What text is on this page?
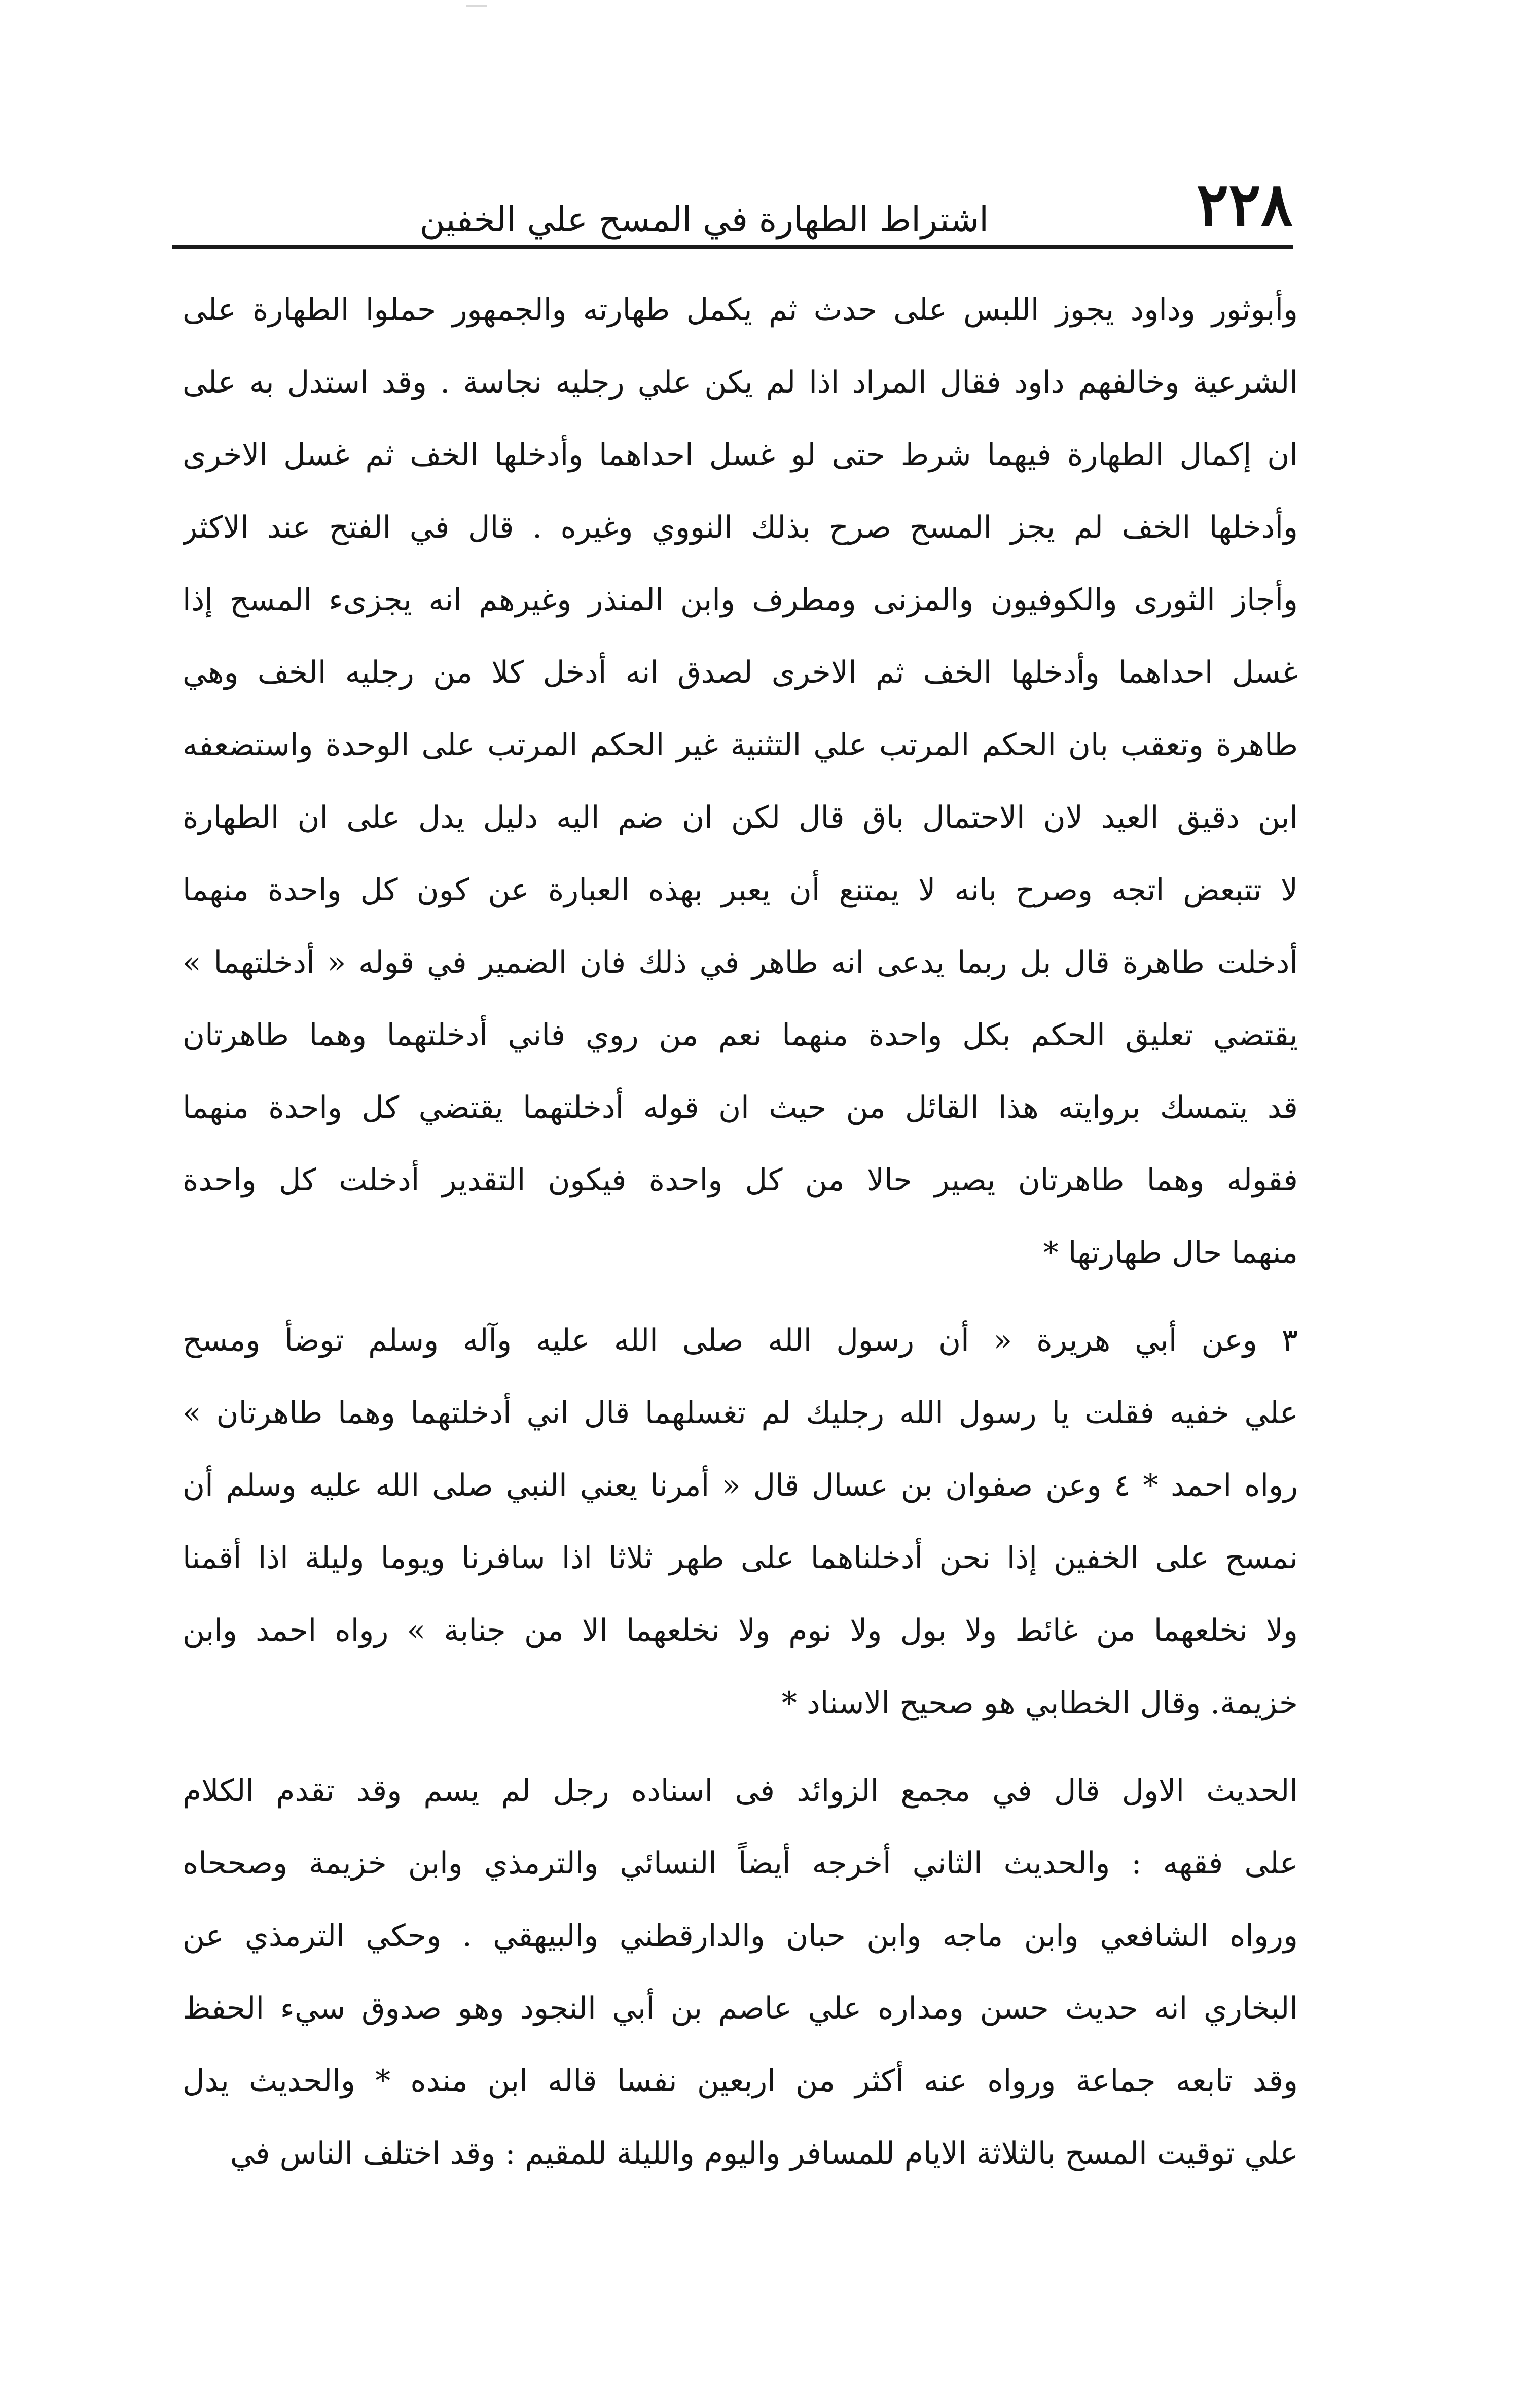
٢٢٨
اشتراط الطهارة في المسح علي الخفين
وأبوثور وداود يجوز اللبس على حدث ثم يكمل طهارته والجمهور حملوا الطهارة على
الشرعية وخالفهم داود فقال المراد اذا لم يكن علي رجليه نجاسة . وقد استدل به على
ان إكمال الطهارة فيهما شرط حتى لو غسل احداهما وأدخلها الخف ثم غسل الاخرى
وأدخلها الخف لم يجز المسح صرح بذلك النووي وغيره . قال في الفتح عند الاكثر
وأجاز الثورى والكوفيون والمزنى ومطرف وابن المنذر وغيرهم انه يجزىء المسح إذا
غسل احداهما وأدخلها الخف ثم الاخرى لصدق انه أدخل كلا من رجليه الخف وهي
طاهرة وتعقب بان الحكم المرتب علي التثنية غير الحكم المرتب على الوحدة واستضعفه
ابن دقيق العيد لان الاحتمال باق قال لكن ان ضم اليه دليل يدل على ان الطهارة
لا تتبعض اتجه وصرح بانه لا يمتنع أن يعبر بهذه العبارة عن كون كل واحدة منهما
أدخلت طاهرة قال بل ربما يدعى انه طاهر في ذلك فان الضمير في قوله « أدخلتهما »
يقتضي تعليق الحكم بكل واحدة منهما نعم من روي فاني أدخلتهما وهما طاهرتان
قد يتمسك بروايته هذا القائل من حيث ان قوله أدخلتهما يقتضي كل واحدة منهما
فقوله وهما طاهرتان يصير حالا من كل واحدة فيكون التقدير أدخلت كل واحدة
منهما حال طهارتها *
٣ وعن أبي هريرة « أن رسول الله صلى الله عليه وآله وسلم توضأ ومسح
علي خفيه فقلت يا رسول الله رجليك لم تغسلهما قال اني أدخلتهما وهما طاهرتان »
رواه احمد * ٤ وعن صفوان بن عسال قال « أمرنا يعني النبي صلى الله عليه وسلم أن
نمسح على الخفين إذا نحن أدخلناهما على طهر ثلاثا اذا سافرنا ويوما وليلة اذا أقمنا
ولا نخلعهما من غائط ولا بول ولا نوم ولا نخلعهما الا من جنابة » رواه احمد وابن
خزيمة. وقال الخطابي هو صحيح الاسناد *
الحديث الاول قال في مجمع الزوائد فى اسناده رجل لم يسم وقد تقدم الكلام
على فقهه : والحديث الثاني أخرجه أيضاً النسائي والترمذي وابن خزيمة وصححاه
ورواه الشافعي وابن ماجه وابن حبان والدارقطني والبيهقي . وحكي الترمذي عن
البخاري انه حديث حسن ومداره علي عاصم بن أبي النجود وهو صدوق سيء الحفظ
وقد تابعه جماعة ورواه عنه أكثر من اربعين نفسا قاله ابن منده * والحديث يدل
علي توقيت المسح بالثلاثة الايام للمسافر واليوم والليلة للمقيم : وقد اختلف الناس في
